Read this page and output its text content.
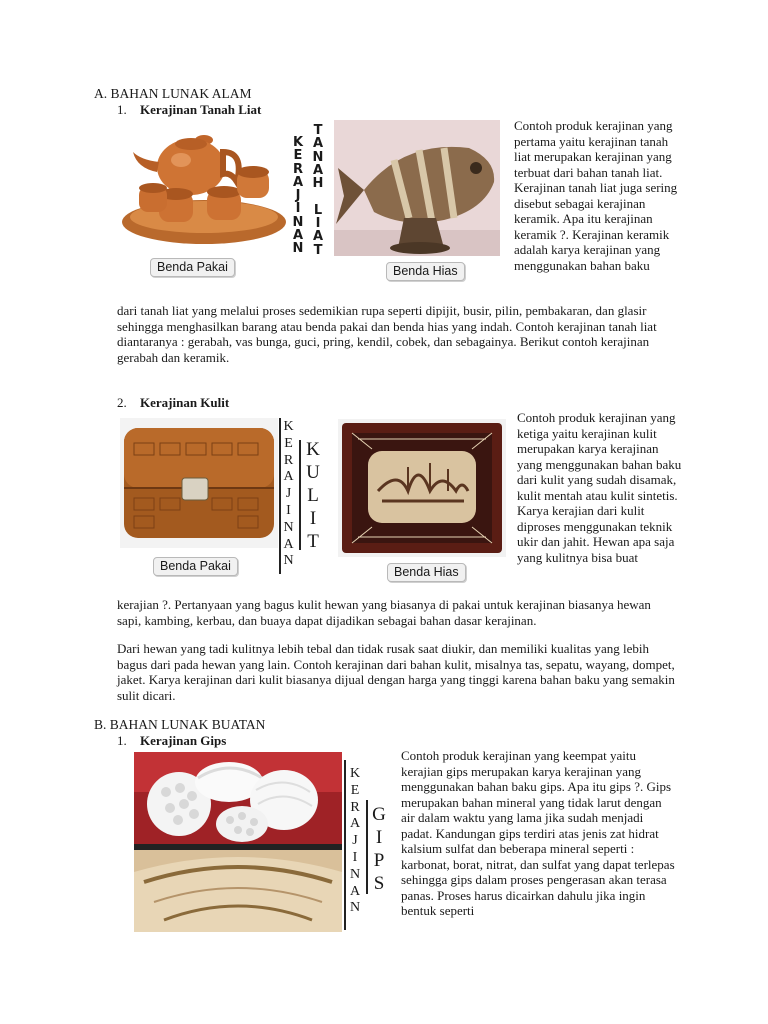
A. BAHAN LUNAK ALAM
1. Kerajinan Tanah Liat
Benda Pakai
K
E
R
A
J
I
N
A
N
T
A
N
A
H
L
I
A
T
Benda Hias
Contoh produk kerajinan yang pertama yaitu kerajinan tanah liat merupakan kerajinan yang terbuat dari bahan tanah liat. Kerajinan tanah liat juga sering disebut sebagai kerajinan keramik. Apa itu kerajinan keramik ?. Kerajinan keramik adalah karya kerajinan yang menggunakan bahan baku
dari tanah liat yang melalui proses sedemikian rupa seperti dipijit, busir, pilin, pembakaran, dan glasir sehingga menghasilkan barang atau benda pakai dan benda hias yang indah. Contoh kerajinan tanah liat diantaranya : gerabah, vas bunga, guci, pring, kendil, cobek, dan sebagainya. Berikut contoh kerajinan gerabah dan keramik.
2. Kerajinan Kulit
Benda Pakai
K
E
R
A
J
I
N
A
N
K
U
L
I
T
Benda Hias
Contoh produk kerajinan yang ketiga yaitu kerajinan kulit merupakan karya kerajinan yang menggunakan bahan baku dari kulit yang sudah disamak, kulit mentah atau kulit sintetis. Karya kerajian dari kulit diproses menggunakan teknik ukir dan jahit. Hewan apa saja yang kulitnya bisa buat
kerajian ?. Pertanyaan yang bagus kulit hewan yang biasanya di pakai untuk kerajinan biasanya hewan sapi, kambing, kerbau, dan buaya dapat dijadikan sebagai bahan dasar kerajinan.
Dari hewan yang tadi kulitnya lebih tebal dan tidak rusak saat diukir, dan memiliki kualitas yang lebih bagus dari pada hewan yang lain. Contoh kerajinan dari bahan kulit, misalnya tas, sepatu, wayang, dompet, jaket. Karya kerajinan dari kulit biasanya dijual dengan harga yang tinggi karena bahan baku yang semakin sulit dicari.
B. BAHAN LUNAK BUATAN
1. Kerajinan Gips
K
E
R
A
J
I
N
A
N
G
I
P
S
Contoh produk kerajinan yang keempat yaitu kerajian gips merupakan karya kerajinan yang menggunakan bahan baku gips. Apa itu gips ?. Gips merupakan bahan mineral yang tidak larut dengan air dalam waktu yang lama jika sudah menjadi padat. Kandungan gips terdiri atas jenis zat hidrat kalsium sulfat dan beberapa mineral seperti : karbonat, borat, nitrat, dan sulfat yang dapat terlepas sehingga gips dalam proses pengerasan akan terasa panas. Proses harus dicairkan dahulu jika ingin bentuk seperti
